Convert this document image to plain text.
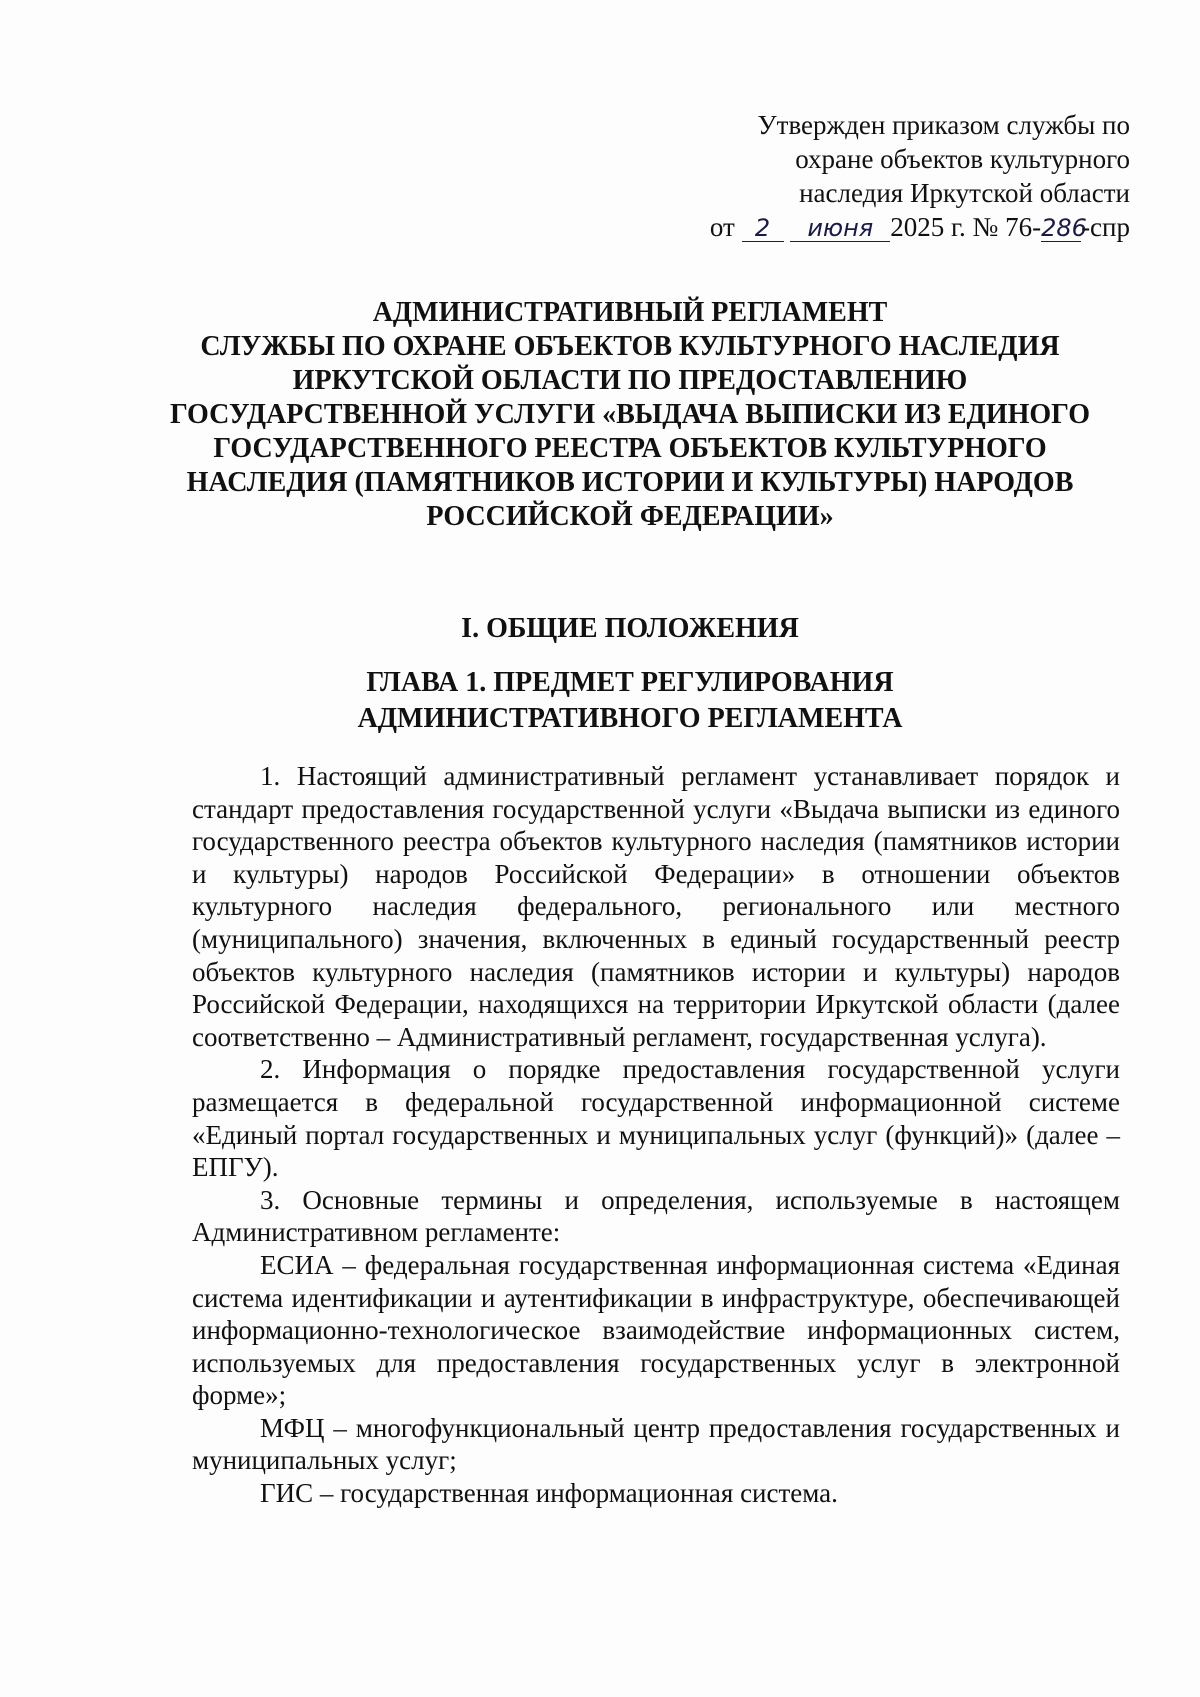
Утвержден приказом службы по
охране объектов культурного
наследия Иркутской области
от 2 июня 2025 г. № 76-286-спр
АДМИНИСТРАТИВНЫЙ РЕГЛАМЕНТ
СЛУЖБЫ ПО ОХРАНЕ ОБЪЕКТОВ КУЛЬТУРНОГО НАСЛЕДИЯ
ИРКУТСКОЙ ОБЛАСТИ ПО ПРЕДОСТАВЛЕНИЮ
ГОСУДАРСТВЕННОЙ УСЛУГИ «ВЫДАЧА ВЫПИСКИ ИЗ ЕДИНОГО
ГОСУДАРСТВЕННОГО РЕЕСТРА ОБЪЕКТОВ КУЛЬТУРНОГО
НАСЛЕДИЯ (ПАМЯТНИКОВ ИСТОРИИ И КУЛЬТУРЫ) НАРОДОВ
РОССИЙСКОЙ ФЕДЕРАЦИИ»
I. ОБЩИЕ ПОЛОЖЕНИЯ
ГЛАВА 1. ПРЕДМЕТ РЕГУЛИРОВАНИЯ
АДМИНИСТРАТИВНОГО РЕГЛАМЕНТА

1. Настоящий административный регламент устанавливает порядок и стандарт предоставления государственной услуги «Выдача выписки из единого государственного реестра объектов культурного наследия (памятников истории и культуры) народов Российской Федерации» в отношении объектов культурного наследия федерального, регионального или местного (муниципального) значения, включенных в единый государственный реестр объектов культурного наследия (памятников истории и культуры) народов Российской Федерации, находящихся на территории Иркутской области (далее соответственно – Административный регламент, государственная услуга).

2. Информация о порядке предоставления государственной услуги размещается в федеральной государственной информационной системе «Единый портал государственных и муниципальных услуг (функций)» (далее – ЕПГУ).

3. Основные термины и определения, используемые в настоящем Административном регламенте:

ЕСИА – федеральная государственная информационная система «Единая система идентификации и аутентификации в инфраструктуре, обеспечивающей информационно-технологическое взаимодействие информационных систем, используемых для предоставления государственных услуг в электронной форме»;

МФЦ – многофункциональный центр предоставления государственных и муниципальных услуг;

ГИС – государственная информационная система.
